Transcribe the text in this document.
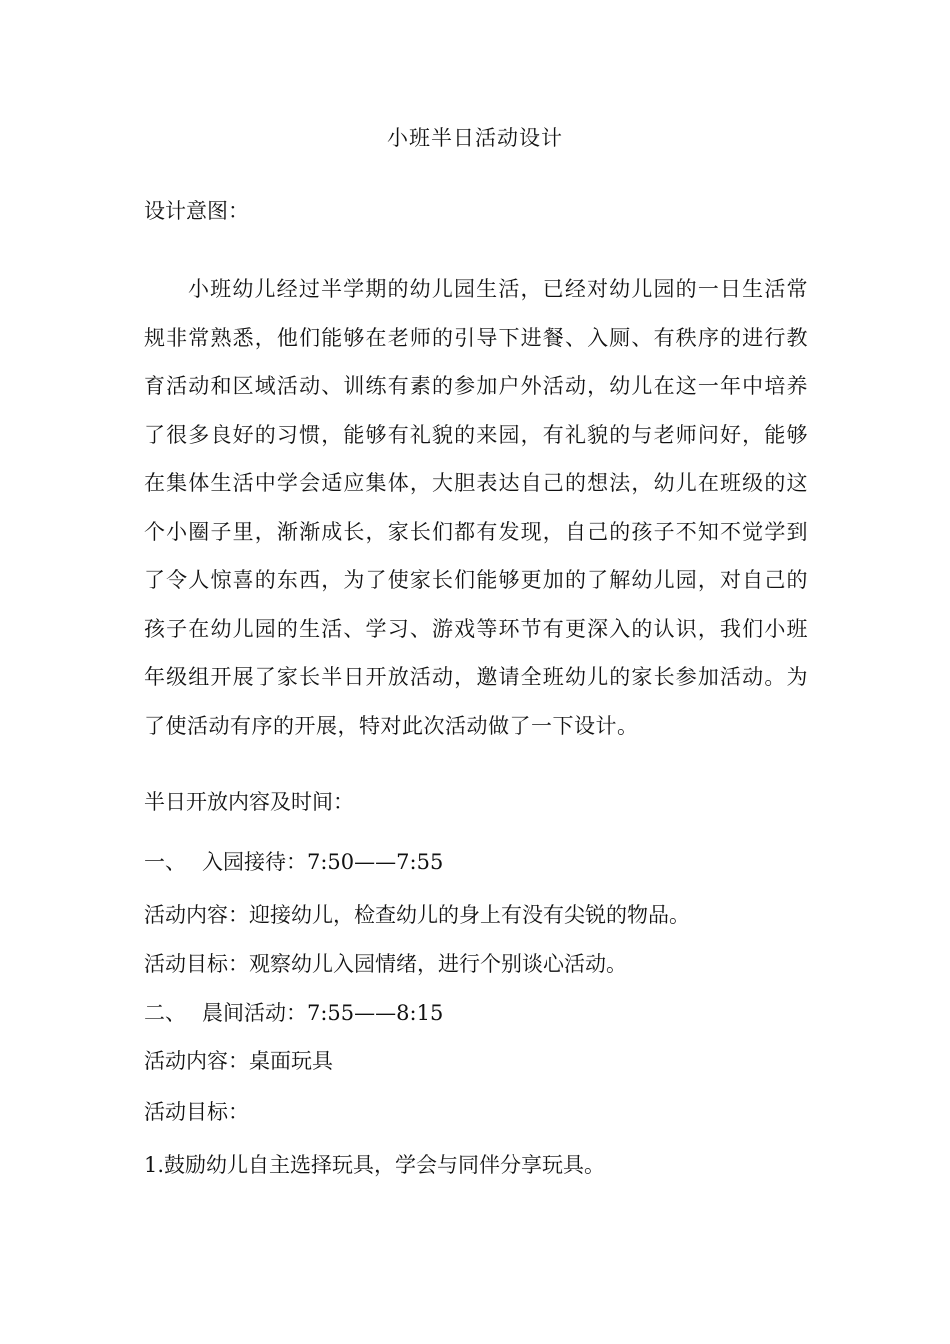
小班半日活动设计
设计意图：
小班幼儿经过半学期的幼儿园生活，已经对幼儿园的一日生活常规非常熟悉，他们能够在老师的引导下进餐、入厕、有秩序的进行教育活动和区域活动、训练有素的参加户外活动，幼儿在这一年中培养了很多良好的习惯，能够有礼貌的来园，有礼貌的与老师问好，能够在集体生活中学会适应集体，大胆表达自己的想法，幼儿在班级的这个小圈子里，渐渐成长，家长们都有发现，自己的孩子不知不觉学到了令人惊喜的东西，为了使家长们能够更加的了解幼儿园，对自己的孩子在幼儿园的生活、学习、游戏等环节有更深入的认识，我们小班年级组开展了家长半日开放活动，邀请全班幼儿的家长参加活动。为了使活动有序的开展，特对此次活动做了一下设计。
半日开放内容及时间：
一、 入园接待：7:50——7:55
活动内容：迎接幼儿，检查幼儿的身上有没有尖锐的物品。
活动目标：观察幼儿入园情绪，进行个别谈心活动。
二、 晨间活动：7:55——8:15
活动内容：桌面玩具
活动目标：
1.鼓励幼儿自主选择玩具，学会与同伴分享玩具。
